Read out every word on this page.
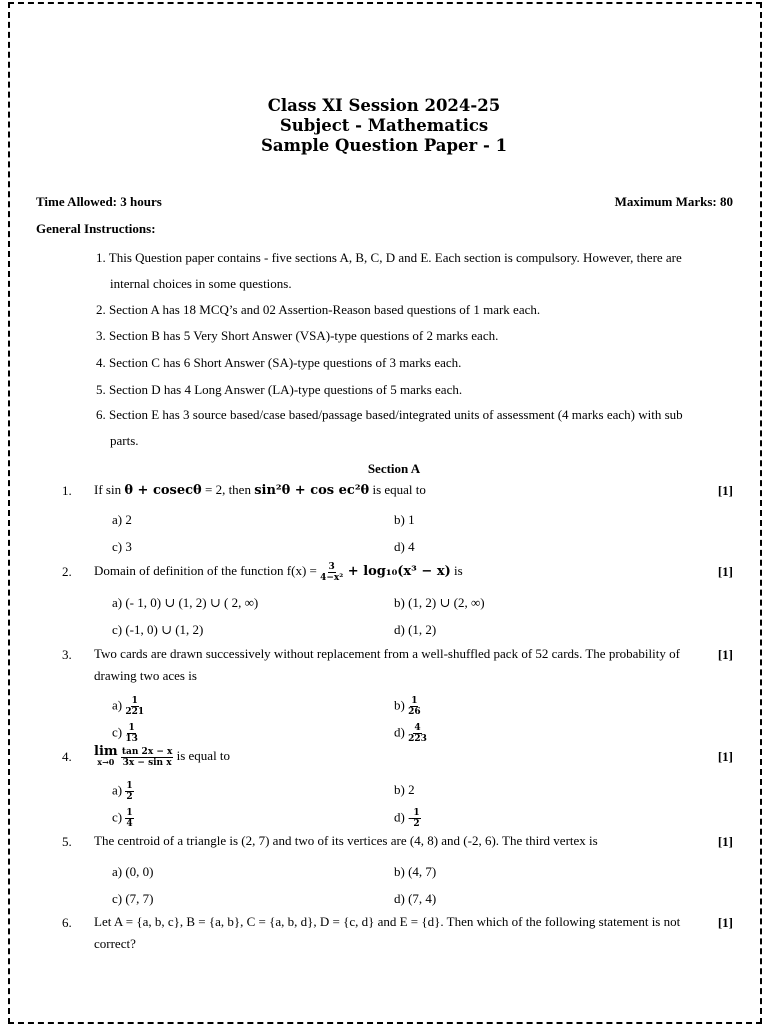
Class XI Session 2024-25
Subject - Mathematics
Sample Question Paper - 1
Time Allowed: 3 hours	Maximum Marks: 80
General Instructions:
1. This Question paper contains - five sections A, B, C, D and E. Each section is compulsory. However, there are
internal choices in some questions.
2. Section A has 18 MCQ’s and 02 Assertion-Reason based questions of 1 mark each.
3. Section B has 5 Very Short Answer (VSA)-type questions of 2 marks each.
4. Section C has 6 Short Answer (SA)-type questions of 3 marks each.
5. Section D has 4 Long Answer (LA)-type questions of 5 marks each.
6. Section E has 3 source based/case based/passage based/integrated units of assessment (4 marks each) with sub
parts.
Section A
1. If sin θ + cosecθ = 2, then sin²θ + cos ec²θ is equal to	[1]
a) 2	b) 1
c) 3	d) 4
2. Domain of definition of the function $f(x) = \frac{3}{\text{4−x²}} + \log_{10}(x^3 - x)$ is	[1]
a) (- 1, 0) ∪ (1, 2) ∪ ( 2, ∞)	b) (1, 2) ∪ (2, ∞)
c) (-1, 0) ∪ (1, 2)	d) (1, 2)
3. Two cards are drawn successively without replacement from a well-shuffled pack of 52 cards. The probability of drawing two aces is
[1]
$a) \frac{1}{221}$	$b) \frac{1}{26}$
$c) \frac{1}{13}$	$d) \frac{4}{223}$
4. lim
x→0
$\frac{\tan 2x - x}{\text{3x − sin x}}$ is equal to	[1]
$a) \frac{1}{2}$	b) 2
$c) \frac{1}{4}$	$d) - \frac{1}{2}$
5. The centroid of a triangle is (2, 7) and two of its vertices are (4, 8) and (-2, 6). The third vertex is	[1]
a) (0, 0)	b) (4, 7)
c) (7, 7)	d) (7, 4)
6. Let A = {a, b, c}, B = {a, b}, C = {a, b, d}, D = {c, d} and E = {d}. Then which of the following statement is not correct?
[1]
